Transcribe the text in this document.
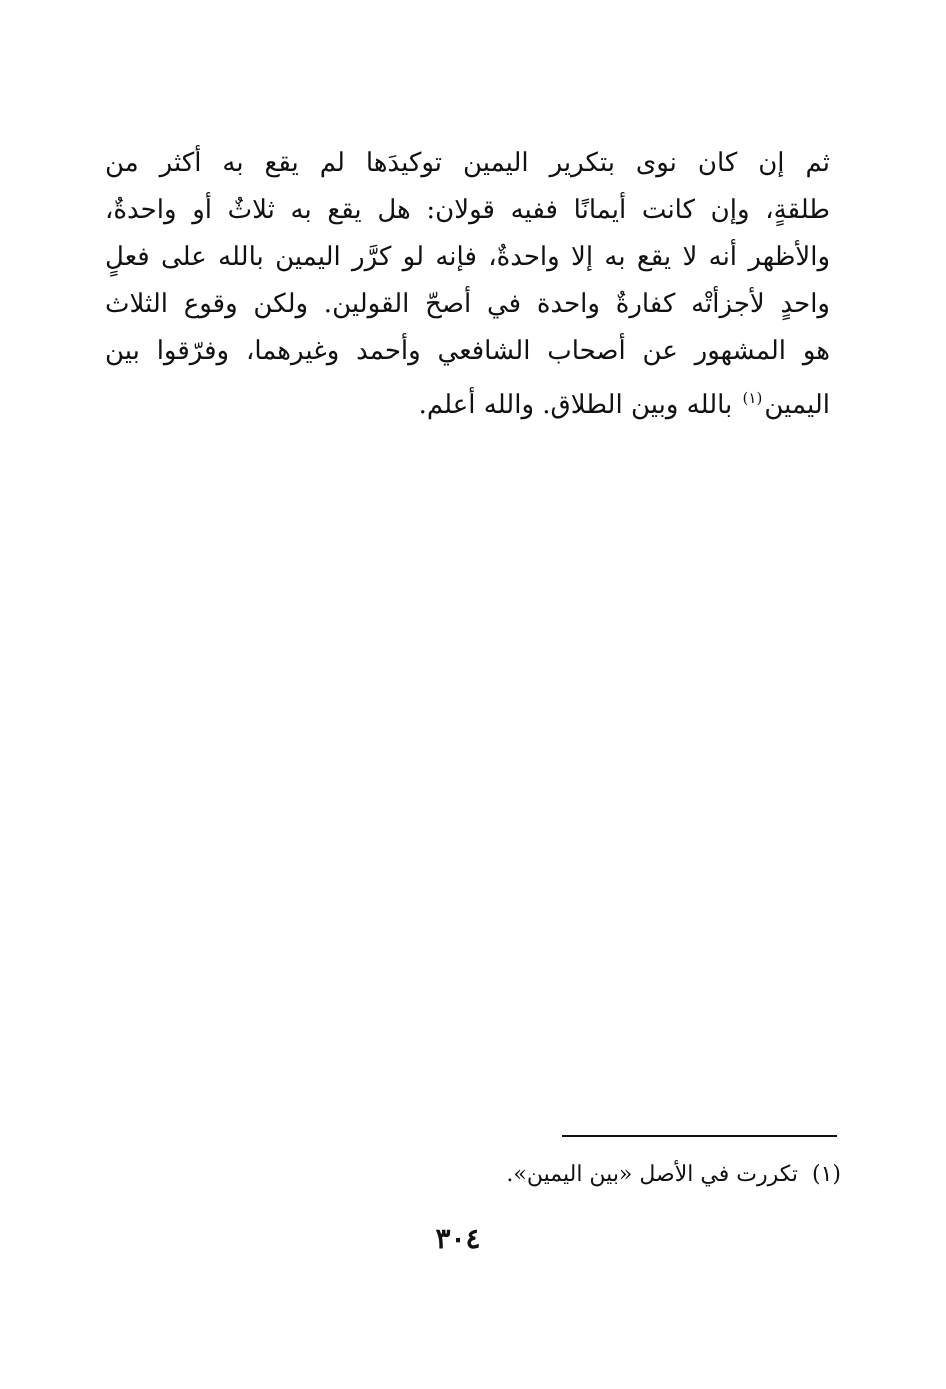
ثم إن كان نوى بتكرير اليمين توكيدَها لم يقع به أكثر من
طلقةٍ، وإن كانت أيمانًا ففيه قولان: هل يقع به ثلاثٌ أو واحدةٌ،
والأظهر أنه لا يقع به إلا واحدةٌ، فإنه لو كرَّر اليمين بالله على فعلٍ
واحدٍ لأجزأتْه كفارةٌ واحدة في أصحّ القولين. ولكن وقوع الثلاث
هو المشهور عن أصحاب الشافعي وأحمد وغيرهما، وفرّقوا بين
اليمين$^{(١)}$ بالله وبين الطلاق. والله أعلم.
(١)تكررت في الأصل «بين اليمين».
٣٠٤
